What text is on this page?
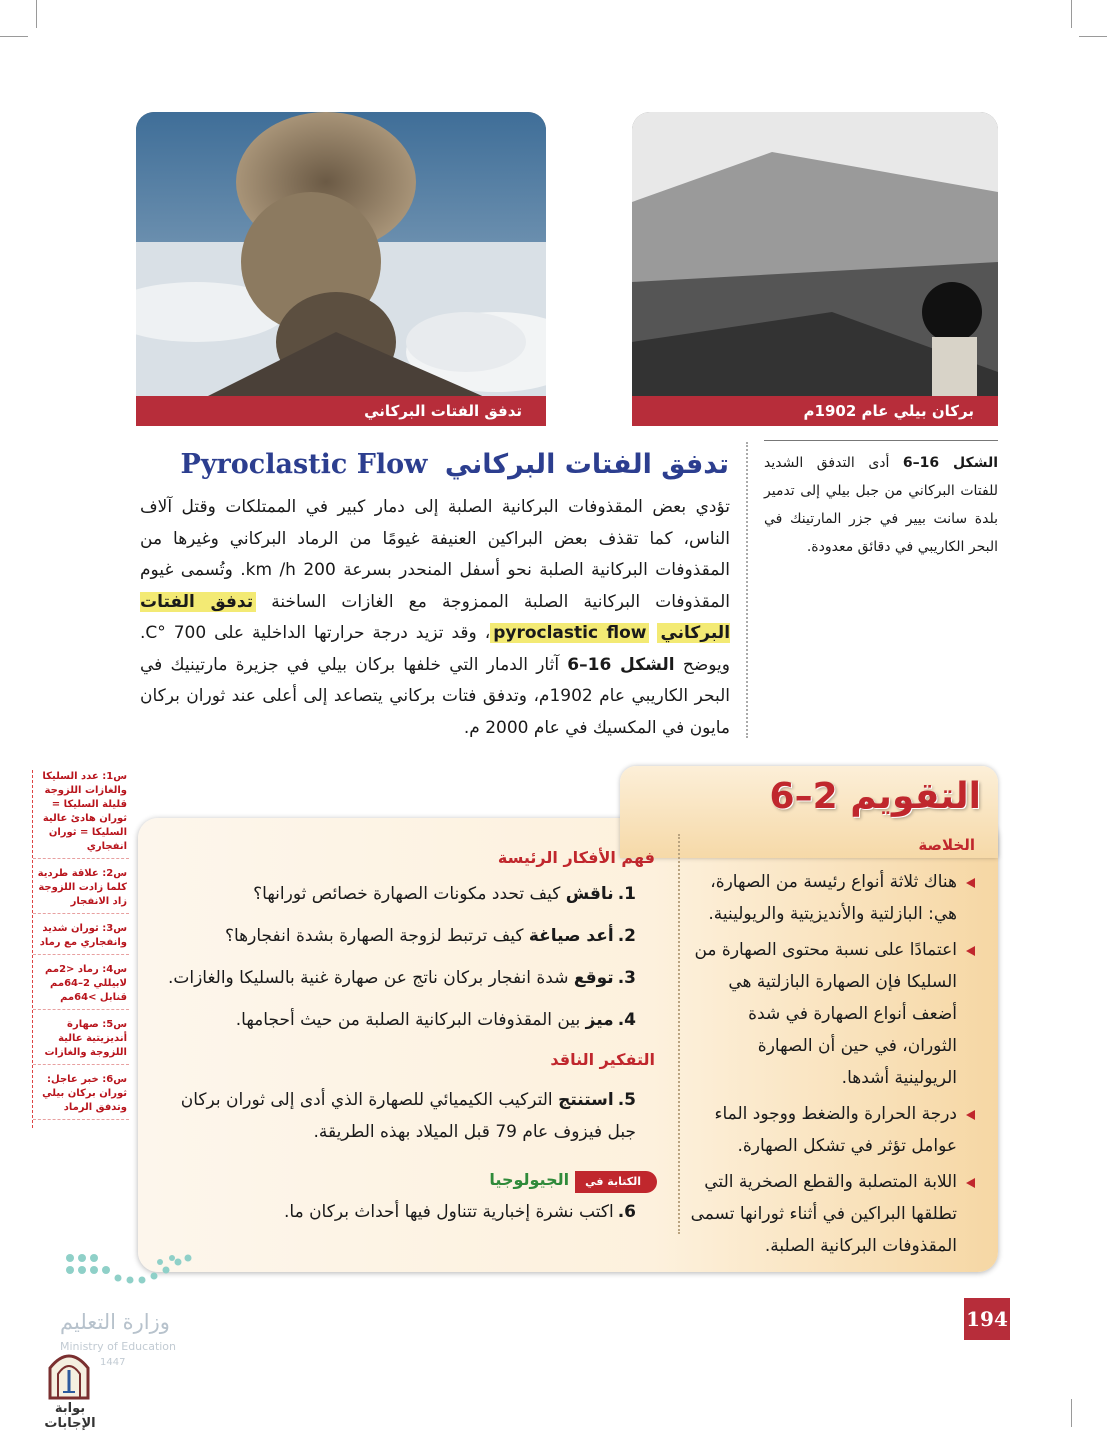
تدفق الفتات البركاني	بركان بيلي عام 1902م
الشكل 16–6 أدى التدفق الشديد للفتات البركاني من جبل بيلي إلى تدمير بلدة سانت بيير في جزر المارتينك في البحر الكاريبي في دقائق معدودة.
تدفق الفتات البركاني Pyroclastic Flow
تؤدي بعض المقذوفات البركانية الصلبة إلى دمار كبير في الممتلكات وقتل آلاف الناس، كما تقذف بعض البراكين العنيفة غيومًا من الرماد البركاني وغيرها من المقذوفات البركانية الصلبة نحو أسفل المنحدر بسرعة 200 km /h. وتُسمى غيوم المقذوفات البركانية الصلبة الممزوجة مع الغازات الساخنة تدفق الفتات البركاني pyroclastic flow، وقد تزيد درجة حرارتها الداخلية على 700 °C. ويوضح الشكل 16–6 آثار الدمار التي خلفها بركان بيلي في جزيرة مارتينيك في البحر الكاريبي عام 1902م، وتدفق فتات بركاني يتصاعد إلى أعلى عند ثوران بركان مايون في المكسيك في عام 2000 م.
التقويم 2–6
الخلاصة
هناك ثلاثة أنواع رئيسة من الصهارة، هي: البازلتية والأنديزيتية والريولينية.
اعتمادًا على نسبة محتوى الصهارة من السليكا فإن الصهارة البازلتية هي أضعف أنواع الصهارة في شدة الثوران، في حين أن الصهارة الريولينية أشدها.
درجة الحرارة والضغط ووجود الماء عوامل تؤثر في تشكل الصهارة.
اللابة المتصلبة والقطع الصخرية التي تطلقها البراكين في أثناء ثورانها تسمى المقذوفات البركانية الصلبة.
فهم الأفكار الرئيسة
1.ناقش كيف تحدد مكونات الصهارة خصائص ثورانها؟
2.أعد صياغة كيف ترتبط لزوجة الصهارة بشدة انفجارها؟
3.توقع شدة انفجار بركان ناتج عن صهارة غنية بالسليكا والغازات.
4.ميز بين المقذوفات البركانية الصلبة من حيث أحجامها.
التفكير الناقد
5.استنتج التركيب الكيميائي للصهارة الذي أدى إلى ثوران بركان جبل فيزوف عام 79 قبل الميلاد بهذه الطريقة.
الكتابة فيالجيولوجيا
6.اكتب نشرة إخبارية تتناول فيها أحداث بركان ما.
س1: عدد السليكا والغازات اللزوجة قليلة السليكا = ثوران هادئ عالية السليكا = ثوران انفجاري
س2: علاقة طردية كلما زادت اللزوجة زاد الانفجار
س3: ثوران شديد وانفجاري مع رماد
س4: رماد <2مم لابيللي 2–64مم قنابل >64مم
س5: صهارة أنديزيتية عالية اللزوجة والغازات
س6: خبر عاجل: ثوران بركان بيلي وتدفق الرماد
194
وزارة التعليم
Ministry of Education
1447
بوابة الإجابات
